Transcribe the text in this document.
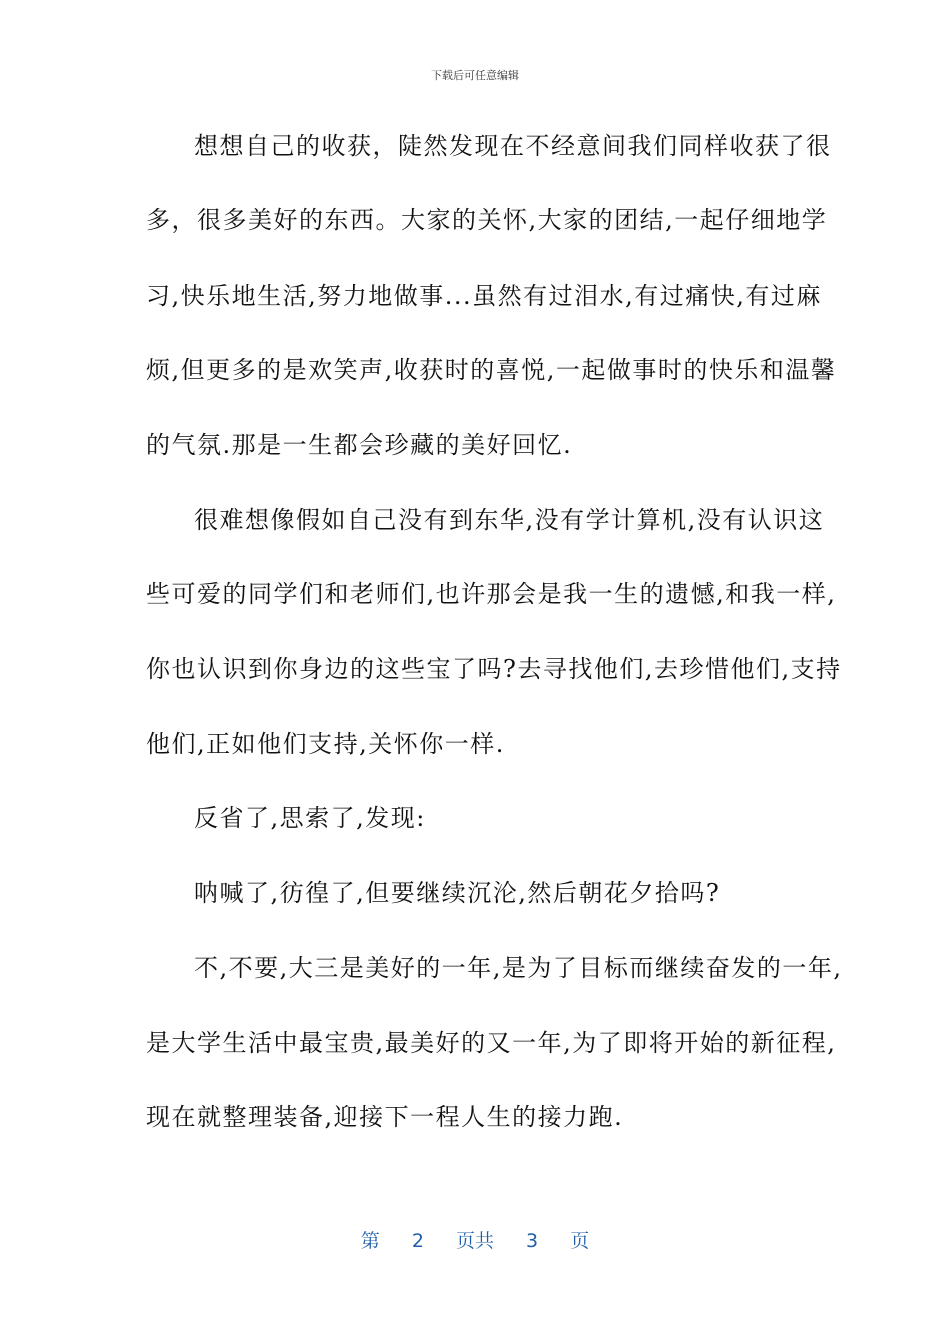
下载后可任意编辑
想想自己的收获，陡然发现在不经意间我们同样收获了很
多，很多美好的东西。大家的关怀,大家的团结,一起仔细地学
习,快乐地生活,努力地做事...虽然有过泪水,有过痛快,有过麻
烦,但更多的是欢笑声,收获时的喜悦,一起做事时的快乐和温馨
的气氛.那是一生都会珍藏的美好回忆.
很难想像假如自己没有到东华,没有学计算机,没有认识这
些可爱的同学们和老师们,也许那会是我一生的遗憾,和我一样,
你也认识到你身边的这些宝了吗?去寻找他们,去珍惜他们,支持
他们,正如他们支持,关怀你一样.
反省了,思索了,发现:
呐喊了,彷徨了,但要继续沉沦,然后朝花夕拾吗?
不,不要,大三是美好的一年,是为了目标而继续奋发的一年,
是大学生活中最宝贵,最美好的又一年,为了即将开始的新征程,
现在就整理装备,迎接下一程人生的接力跑.
第 2 页共 3 页
